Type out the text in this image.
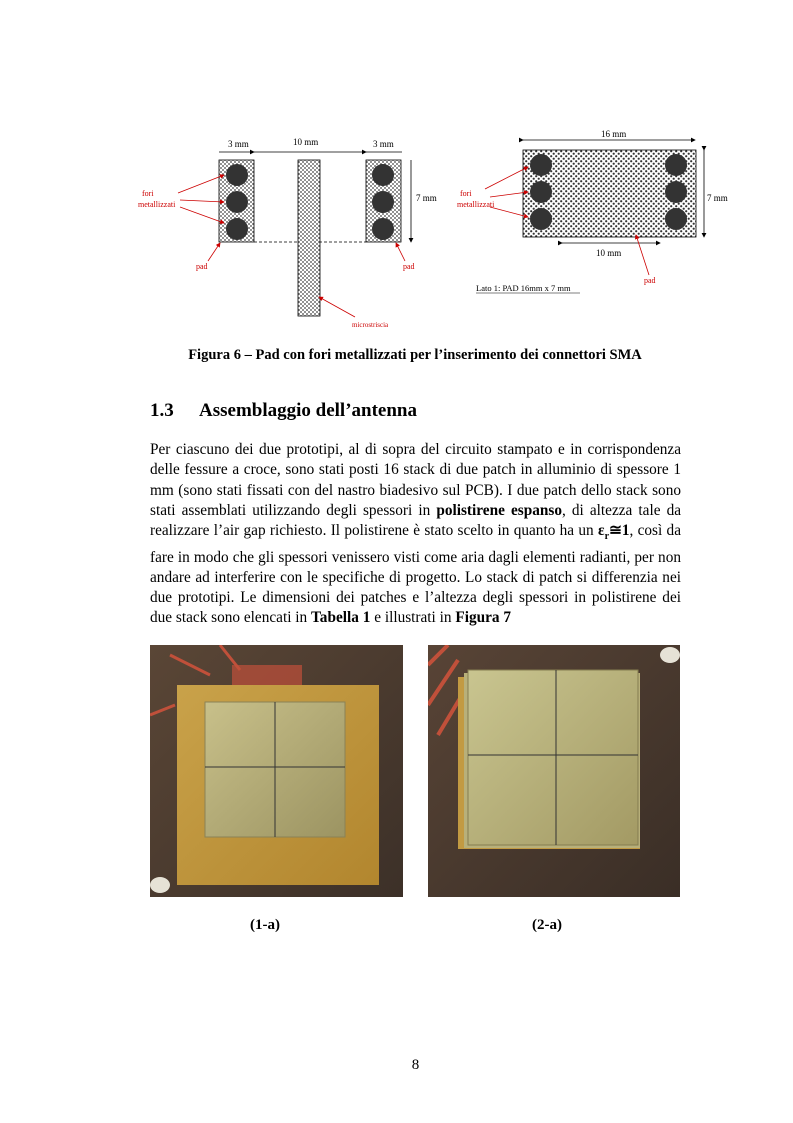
3 mm	10 mm	3 mm
7 mm
fori
metallizzati
pad	pad
microstriscia
16 mm
7 mm
10 mm
fori
metallizzati
pad
Lato 1: PAD 16mm x 7 mm
Figura 6 – Pad con fori metallizzati per l’inserimento dei connettori SMA
1.3 Assemblaggio dell’antenna
Per ciascuno dei due prototipi, al di sopra del circuito stampato e in corrispondenza delle fessure a croce, sono stati posti 16 stack di due patch in alluminio di spessore 1 mm (sono stati fissati con del nastro biadesivo sul PCB). I due patch dello stack sono stati assemblati utilizzando degli spessori in polistirene espanso, di altezza tale da realizzare l’air gap richiesto. Il polistirene è stato scelto in quanto ha un $\varepsilon_r≅1$, così da fare in modo che gli spessori venissero visti come aria dagli elementi radianti, per non andare ad interferire con le specifiche di progetto. Lo stack di patch si differenzia nei due prototipi. Le dimensioni dei patches e l’altezza degli spessori in polistirene dei due stack sono elencati in Tabella 1 e illustrati in Figura 7
(1-a)	(2-a)
8
